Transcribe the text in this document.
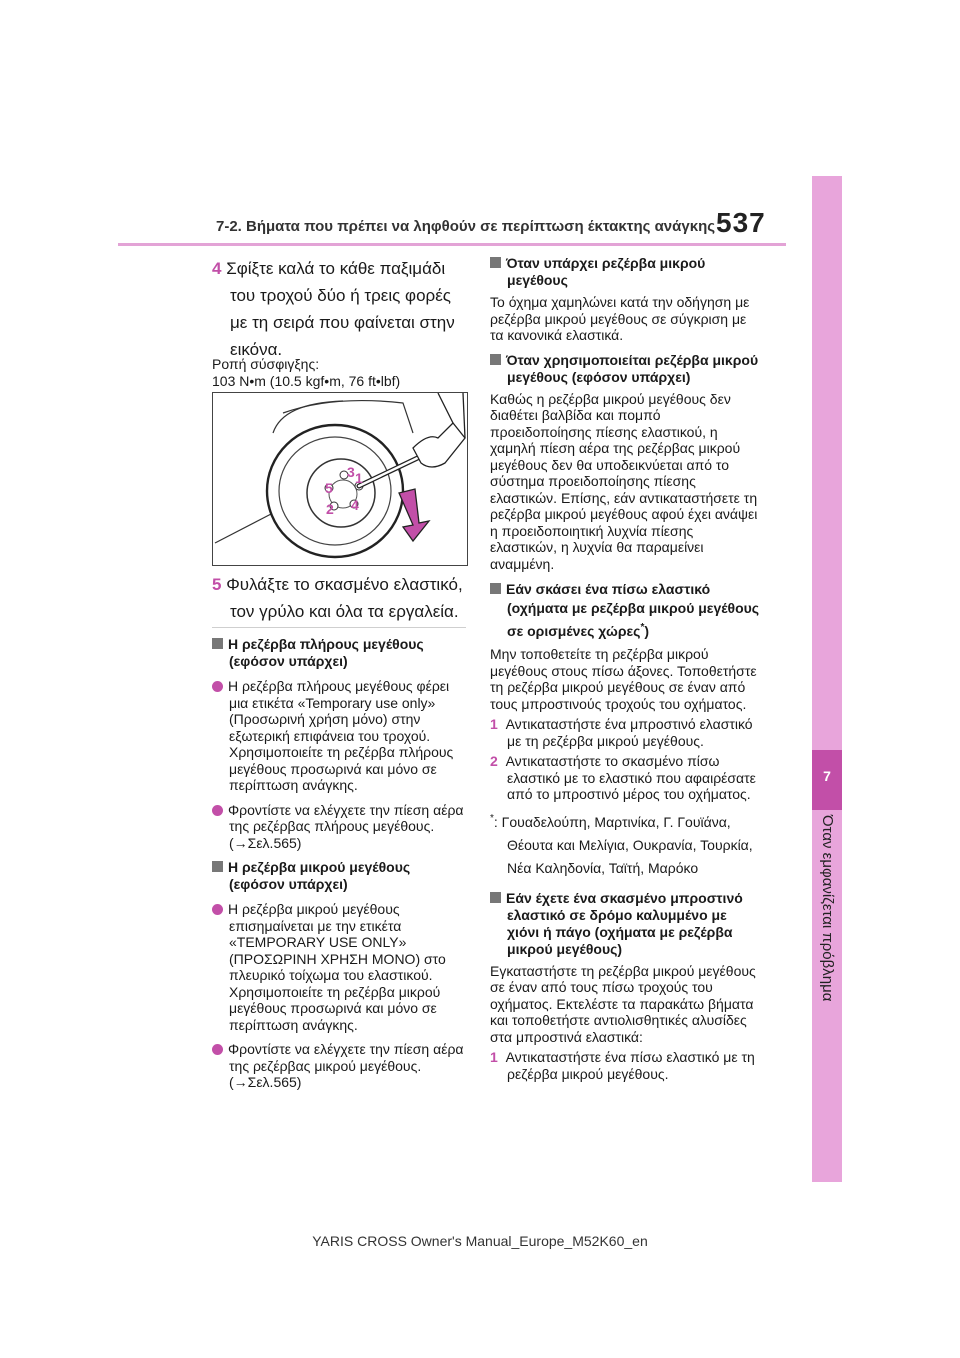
7-2. Βήματα που πρέπει να ληφθούν σε περίπτωση έκτακτης ανάγκης 537
7
Όταν εμφανίζεται πρόβλημα
4 Σφίξτε καλά το κάθε παξιμάδι του τροχού δύο ή τρεις φορές με τη σειρά που φαίνεται στην εικόνα.
Ροπή σύσφιγξης:
103 N•m (10.5 kgf•m, 76 ft•lbf)
3 1
5
4
2
5 Φυλάξτε το σκασμένο ελαστικό, τον γρύλο και όλα τα εργαλεία.
Η ρεζέρβα πλήρους μεγέθους (εφόσον υπάρχει)
Η ρεζέρβα πλήρους μεγέθους φέρει μια ετικέτα «Temporary use only» (Προσωρινή χρήση μόνο) στην εξωτερική επιφάνεια του τροχού. Χρησιμοποιείτε τη ρεζέρβα πλήρους μεγέθους προσωρινά και μόνο σε περίπτωση ανάγκης.
Φροντίστε να ελέγχετε την πίεση αέρα της ρεζέρβας πλήρους μεγέθους. (→Σελ.565)
Η ρεζέρβα μικρού μεγέθους (εφόσον υπάρχει)
Η ρεζέρβα μικρού μεγέθους επισημαίνεται με την ετικέτα «TEMPORARY USE ONLY» (ΠΡΟΣΩΡΙΝΗ ΧΡΗΣΗ ΜΟΝΟ) στο πλευρικό τοίχωμα του ελαστικού. Χρησιμοποιείτε τη ρεζέρβα μικρού μεγέθους προσωρινά και μόνο σε περίπτωση ανάγκης.
Φροντίστε να ελέγχετε την πίεση αέρα της ρεζέρβας μικρού μεγέθους. (→Σελ.565)
Όταν υπάρχει ρεζέρβα μικρού μεγέθους
Το όχημα χαμηλώνει κατά την οδήγηση με ρεζέρβα μικρού μεγέθους σε σύγκριση με τα κανονικά ελαστικά.
Όταν χρησιμοποιείται ρεζέρβα μικρού μεγέθους (εφόσον υπάρχει)
Καθώς η ρεζέρβα μικρού μεγέθους δεν διαθέτει βαλβίδα και πομπό προειδοποίησης πίεσης ελαστικού, η χαμηλή πίεση αέρα της ρεζέρβας μικρού μεγέθους δεν θα υποδεικνύεται από το σύστημα προειδοποίησης πίεσης ελαστικών. Επίσης, εάν αντικαταστήσετε τη ρεζέρβα μικρού μεγέθους αφού έχει ανάψει η προειδοποιητική λυχνία πίεσης ελαστικών, η λυχνία θα παραμείνει αναμμένη.
Εάν σκάσει ένα πίσω ελαστικό (οχήματα με ρεζέρβα μικρού μεγέθους σε ορισμένες χώρες*)
Μην τοποθετείτε τη ρεζέρβα μικρού μεγέθους στους πίσω άξονες. Τοποθετήστε τη ρεζέρβα μικρού μεγέθους σε έναν από τους μπροστινούς τροχούς του οχήματος.
1 Αντικαταστήστε ένα μπροστινό ελαστικό με τη ρεζέρβα μικρού μεγέθους.
2 Αντικαταστήστε το σκασμένο πίσω ελαστικό με το ελαστικό που αφαιρέσατε από το μπροστινό μέρος του οχήματος.
*: Γουαδελούπη, Μαρτινίκα, Γ. Γουϊάνα, Θέουτα και Μελίγια, Ουκρανία, Τουρκία, Νέα Καληδονία, Ταϊτή, Μαρόκο
Εάν έχετε ένα σκασμένο μπροστινό ελαστικό σε δρόμο καλυμμένο με χιόνι ή πάγο (οχήματα με ρεζέρβα μικρού μεγέθους)
Εγκαταστήστε τη ρεζέρβα μικρού μεγέθους σε έναν από τους πίσω τροχούς του οχήματος. Εκτελέστε τα παρακάτω βήματα και τοποθετήστε αντιολισθητικές αλυσίδες στα μπροστινά ελαστικά:
1 Αντικαταστήστε ένα πίσω ελαστικό με τη ρεζέρβα μικρού μεγέθους.
YARIS CROSS Owner's Manual_Europe_M52K60_en
